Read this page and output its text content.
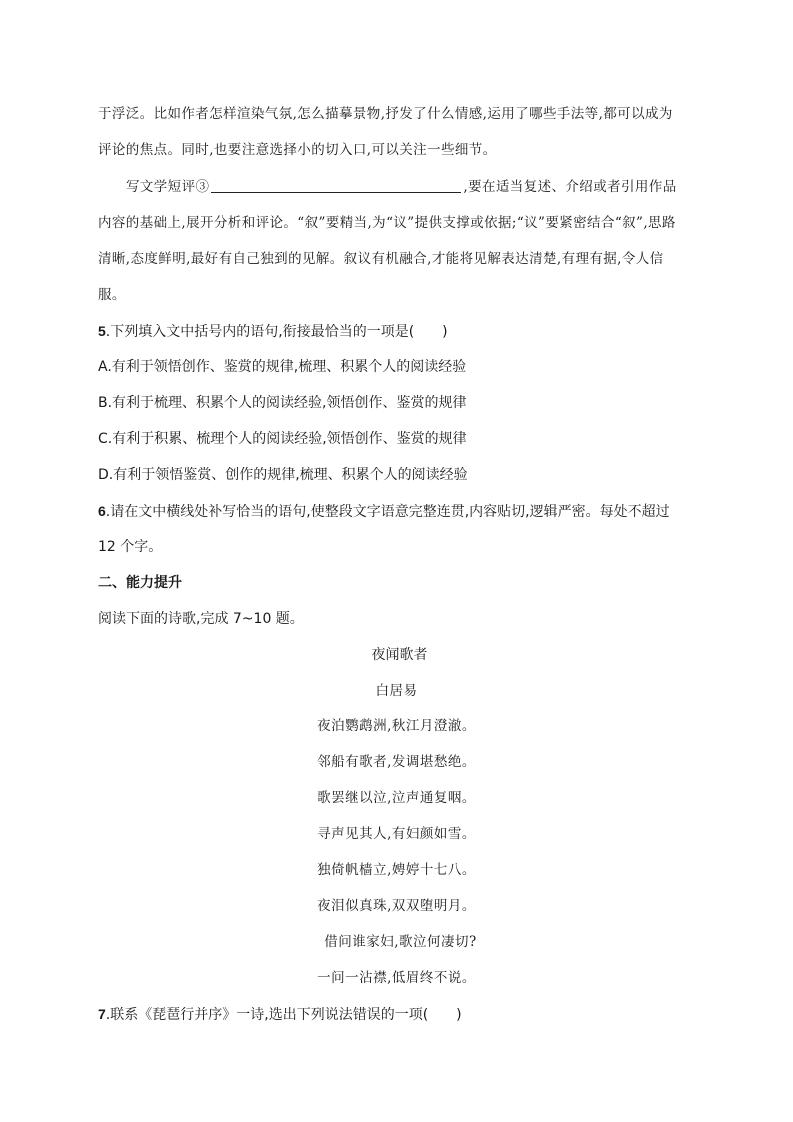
于浮泛。比如作者怎样渲染气氛,怎么描摹景物,抒发了什么情感,运用了哪些手法等,都可以成为
评论的焦点。同时,也要注意选择小的切入口,可以关注一些细节。
写文学短评③	,要在适当复述、介绍或者引用作品
内容的基础上,展开分析和评论。“叙”要精当,为“议”提供支撑或依据;“议”要紧密结合“叙”,思路
清晰,态度鲜明,最好有自己独到的见解。叙议有机融合,才能将见解表达清楚,有理有据,令人信
服。
5.下列填入文中括号内的语句,衔接最恰当的一项是( )
A.有利于领悟创作、鉴赏的规律,梳理、积累个人的阅读经验
B.有利于梳理、积累个人的阅读经验,领悟创作、鉴赏的规律
C.有利于积累、梳理个人的阅读经验,领悟创作、鉴赏的规律
D.有利于领悟鉴赏、创作的规律,梳理、积累个人的阅读经验
6.请在文中横线处补写恰当的语句,使整段文字语意完整连贯,内容贴切,逻辑严密。每处不超过
12 个字。
二、能力提升
阅读下面的诗歌,完成 7~10 题。
夜闻歌者
白居易
夜泊鹦鹉洲,秋江月澄澈。
邻船有歌者,发调堪愁绝。
歌罢继以泣,泣声通复咽。
寻声见其人,有妇颜如雪。
独倚帆樯立,娉婷十七八。
夜泪似真珠,双双堕明月。
借问谁家妇,歌泣何凄切?
一问一沾襟,低眉终不说。
7.联系《琵琶行并序》一诗,选出下列说法错误的一项( )
